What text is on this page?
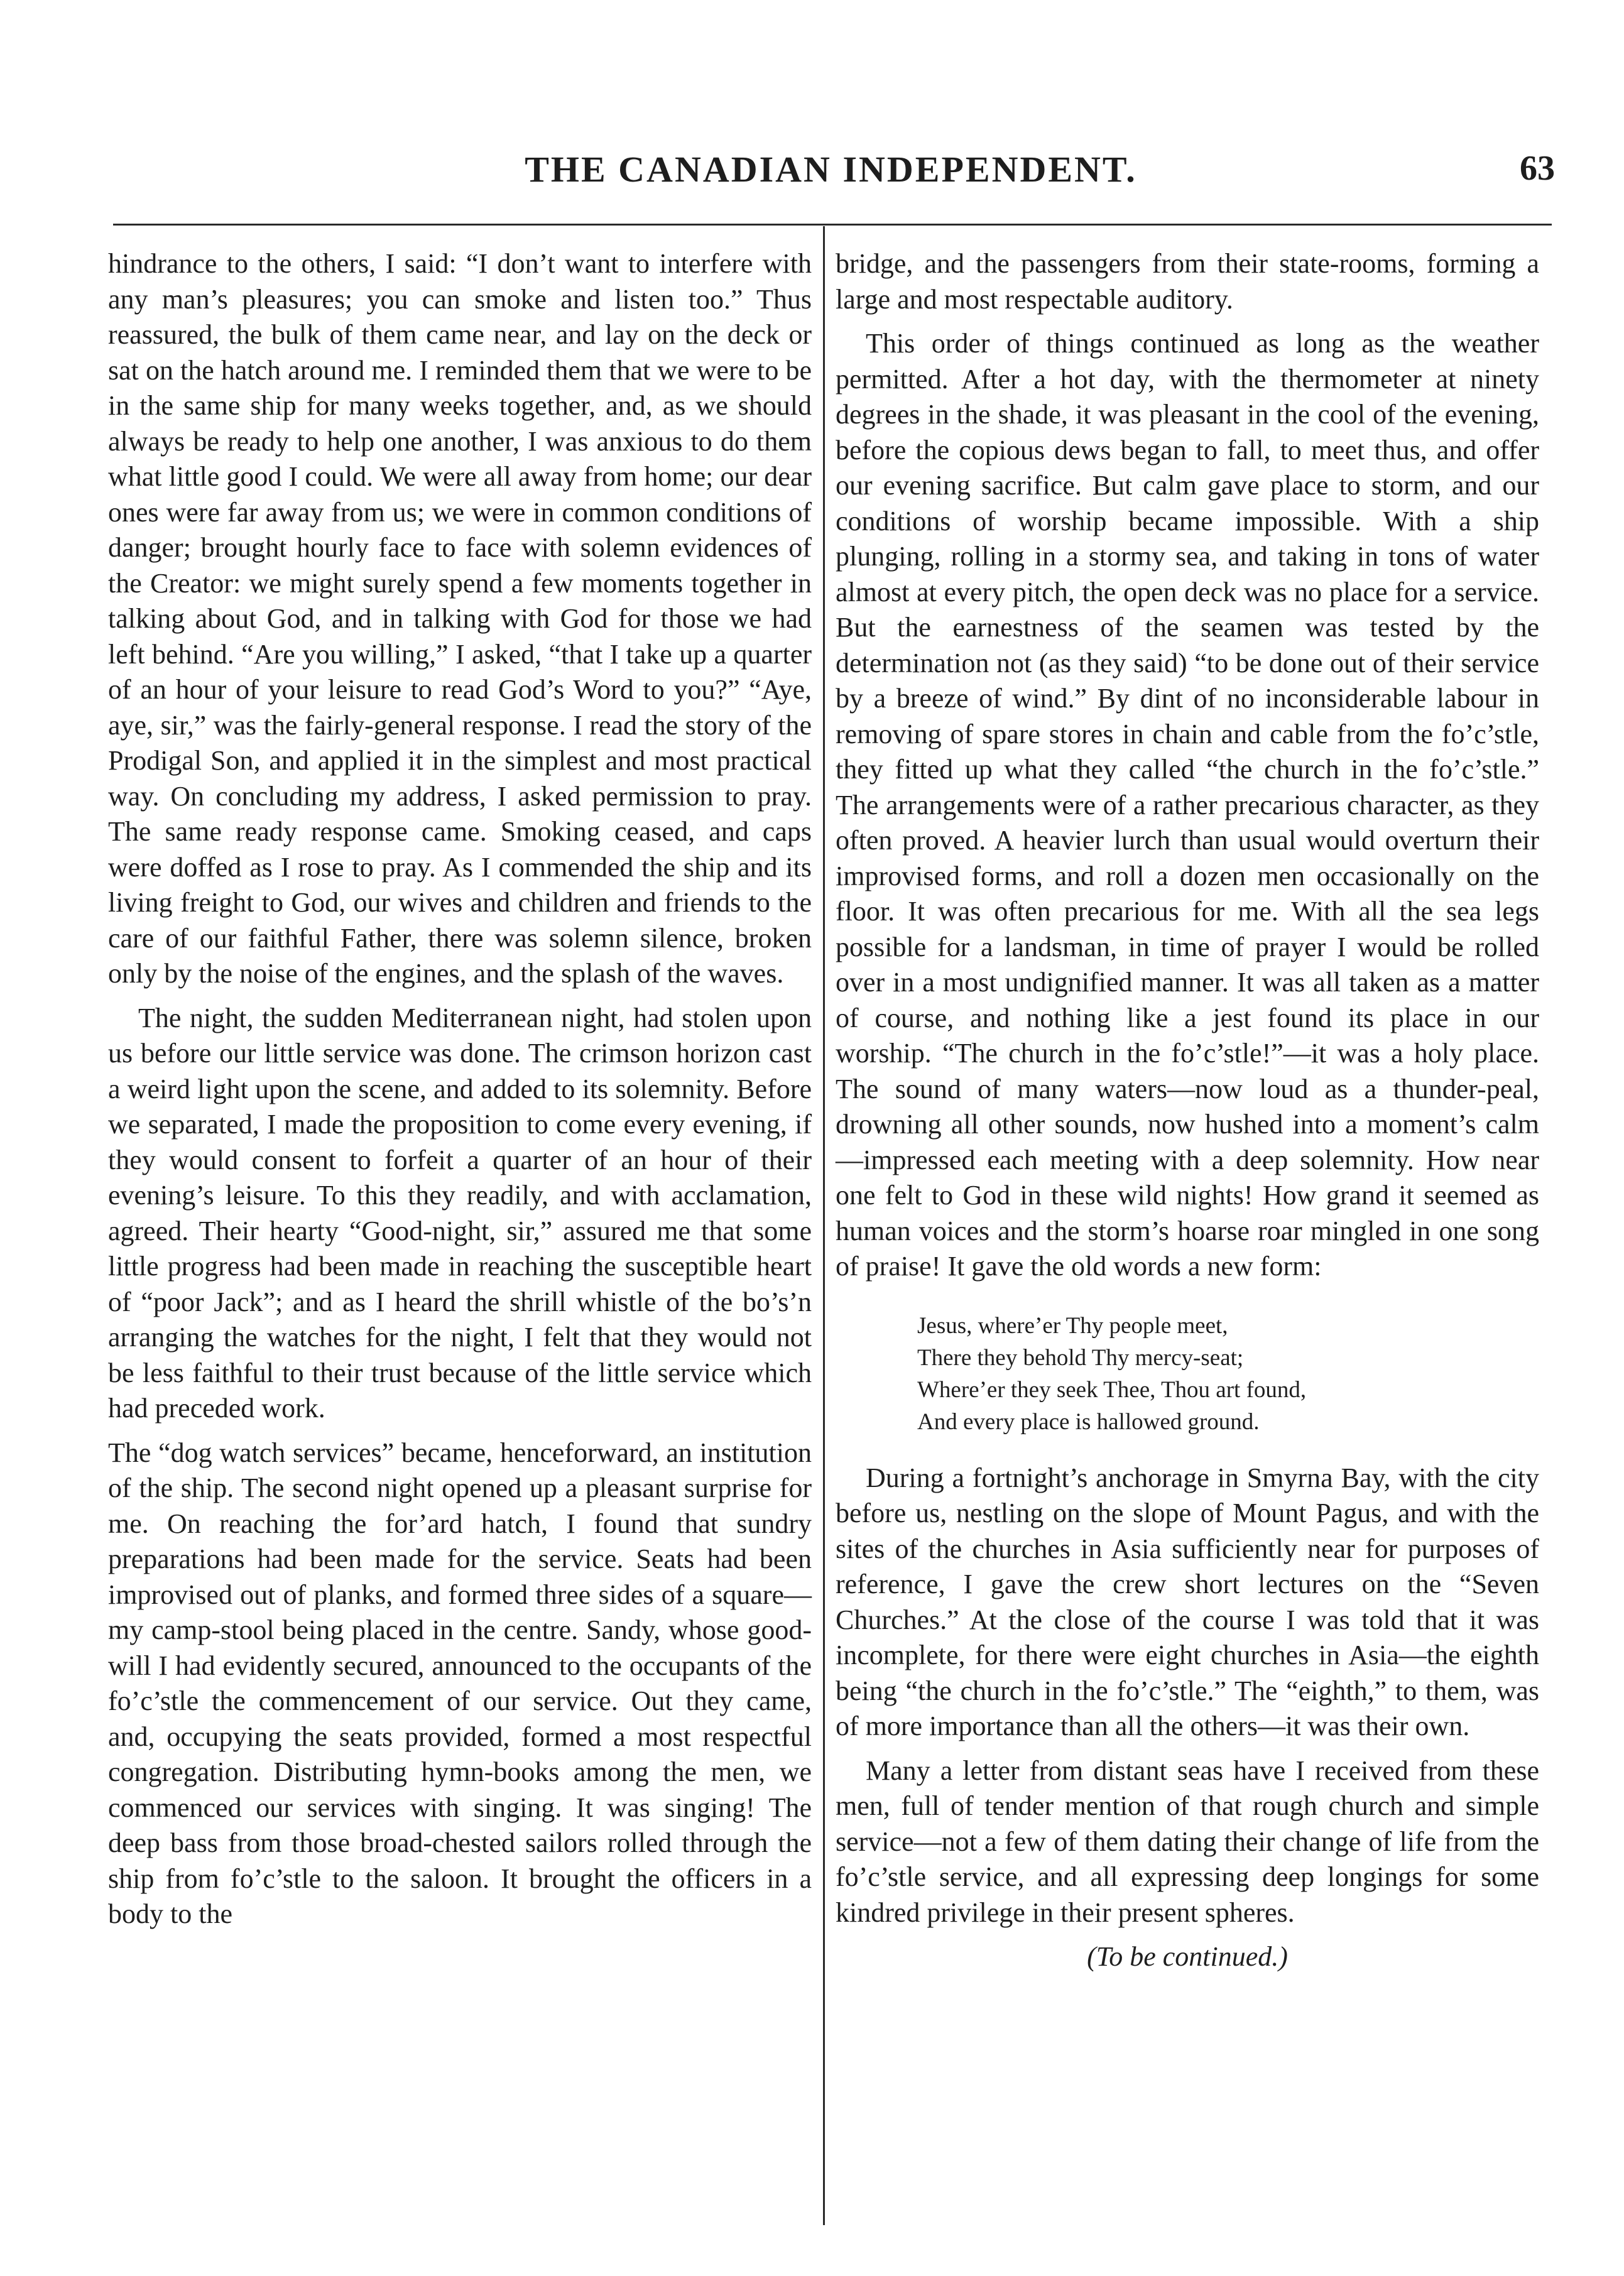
THE CANADIAN INDEPENDENT.	63

hindrance to the others, I said: “I don’t want to interfere with any man’s pleasures; you can smoke and listen too.” Thus reassured, the bulk of them came near, and lay on the deck or sat on the hatch around me. I reminded them that we were to be in the same ship for many weeks together, and, as we should always be ready to help one another, I was anxious to do them what little good I could. We were all away from home; our dear ones were far away from us; we were in common conditions of danger; brought hourly face to face with solemn evidences of the Creator: we might surely spend a few moments together in talking about God, and in talking with God for those we had left behind. “Are you willing,” I asked, “that I take up a quarter of an hour of your leisure to read God’s Word to you?” “Aye, aye, sir,” was the fairly-general response. I read the story of the Prodigal Son, and applied it in the simplest and most practical way. On concluding my address, I asked permission to pray. The same ready response came. Smoking ceased, and caps were doffed as I rose to pray. As I commended the ship and its living freight to God, our wives and children and friends to the care of our faithful Father, there was solemn silence, broken only by the noise of the engines, and the splash of the waves.

The night, the sudden Mediterranean night, had stolen upon us before our little service was done. The crimson horizon cast a weird light upon the scene, and added to its solemnity. Before we separated, I made the proposition to come every evening, if they would consent to forfeit a quarter of an hour of their evening’s leisure. To this they readily, and with acclamation, agreed. Their hearty “Good-night, sir,” assured me that some little progress had been made in reaching the susceptible heart of “poor Jack”; and as I heard the shrill whistle of the bo’s’n arranging the watches for the night, I felt that they would not be less faithful to their trust because of the little service which had preceded work.

The “dog watch services” became, henceforward, an institution of the ship. The second night opened up a pleasant surprise for me. On reaching the for’ard hatch, I found that sundry preparations had been made for the service. Seats had been improvised out of planks, and formed three sides of a square—my camp-stool being placed in the centre. Sandy, whose good-will I had evidently secured, announced to the occupants of the fo’c’stle the commencement of our service. Out they came, and, occupying the seats provided, formed a most respectful congregation. Distributing hymn-books among the men, we commenced our services with singing. It was singing! The deep bass from those broad-chested sailors rolled through the ship from fo’c’stle to the saloon. It brought the officers in a body to the

bridge, and the passengers from their state-rooms, forming a large and most respectable auditory.

This order of things continued as long as the weather permitted. After a hot day, with the thermometer at ninety degrees in the shade, it was pleasant in the cool of the evening, before the copious dews began to fall, to meet thus, and offer our evening sacrifice. But calm gave place to storm, and our conditions of worship became impossible. With a ship plunging, rolling in a stormy sea, and taking in tons of water almost at every pitch, the open deck was no place for a service. But the earnestness of the seamen was tested by the determination not (as they said) “to be done out of their service by a breeze of wind.” By dint of no inconsiderable labour in removing of spare stores in chain and cable from the fo’c’stle, they fitted up what they called “the church in the fo’c’stle.” The arrangements were of a rather precarious character, as they often proved. A heavier lurch than usual would overturn their improvised forms, and roll a dozen men occasionally on the floor. It was often precarious for me. With all the sea legs possible for a landsman, in time of prayer I would be rolled over in a most undignified manner. It was all taken as a matter of course, and nothing like a jest found its place in our worship. “The church in the fo’c’stle!”—it was a holy place. The sound of many waters—now loud as a thunder-peal, drowning all other sounds, now hushed into a moment’s calm—impressed each meeting with a deep solemnity. How near one felt to God in these wild nights! How grand it seemed as human voices and the storm’s hoarse roar mingled in one song of praise! It gave the old words a new form:

Jesus, where’er Thy people meet,
There they behold Thy mercy-seat;
Where’er they seek Thee, Thou art found,
And every place is hallowed ground.

During a fortnight’s anchorage in Smyrna Bay, with the city before us, nestling on the slope of Mount Pagus, and with the sites of the churches in Asia sufficiently near for purposes of reference, I gave the crew short lectures on the “Seven Churches.” At the close of the course I was told that it was incomplete, for there were eight churches in Asia—the eighth being “the church in the fo’c’stle.” The “eighth,” to them, was of more importance than all the others—it was their own.

Many a letter from distant seas have I received from these men, full of tender mention of that rough church and simple service—not a few of them dating their change of life from the fo’c’stle service, and all expressing deep longings for some kindred privilege in their present spheres.

(To be continued.)
